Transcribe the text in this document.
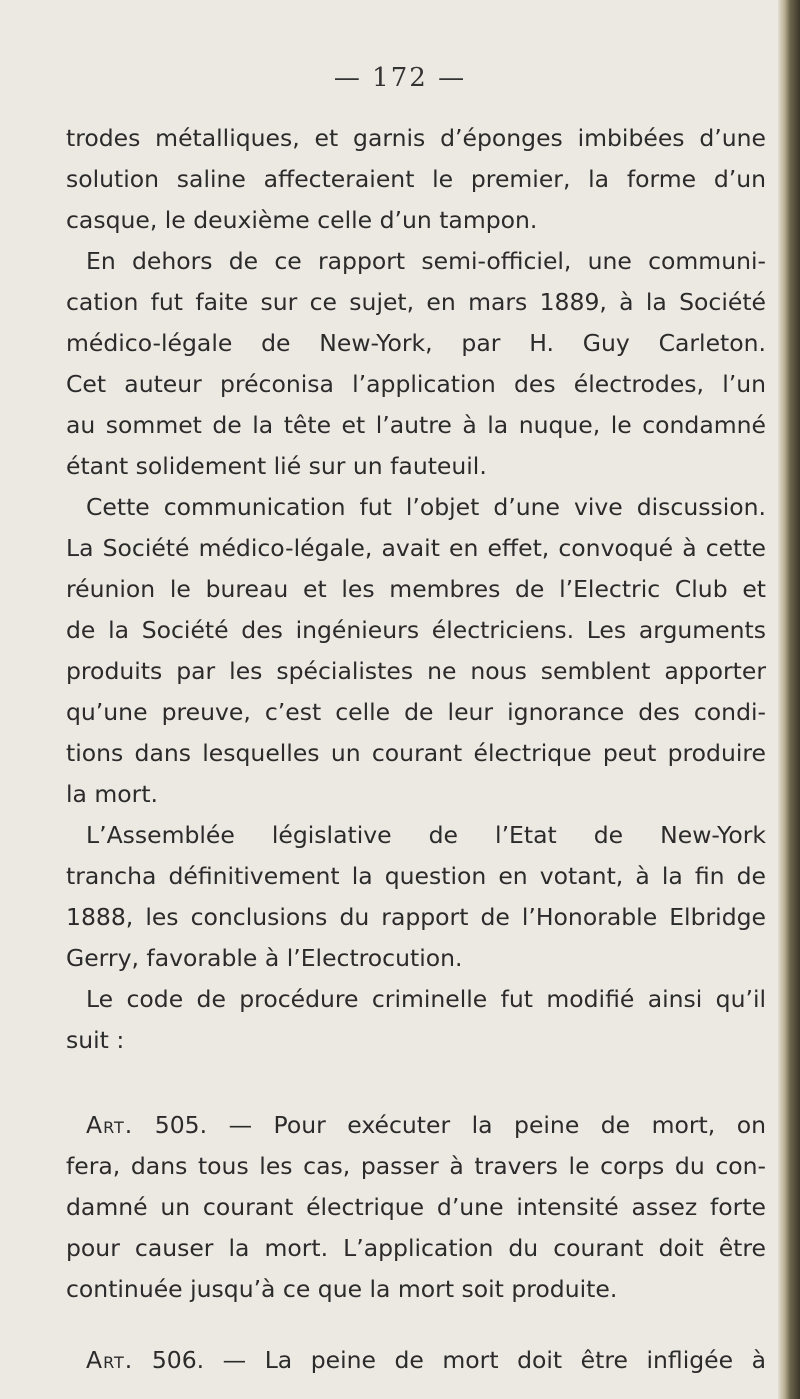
— 172 —
trodes métalliques, et garnis d’éponges imbibées d’une
solution saline affecteraient le premier, la forme d’un
casque, le deuxième celle d’un tampon.
En dehors de ce rapport semi-officiel, une communi-
cation fut faite sur ce sujet, en mars 1889, à la Société
médico-légale de New-York, par H. Guy Carleton.
Cet auteur préconisa l’application des électrodes, l’un
au sommet de la tête et l’autre à la nuque, le condamné
étant solidement lié sur un fauteuil.
Cette communication fut l’objet d’une vive discussion.
La Société médico-légale, avait en effet, convoqué à cette
réunion le bureau et les membres de l’Electric Club et
de la Société des ingénieurs électriciens. Les arguments
produits par les spécialistes ne nous semblent apporter
qu’une preuve, c’est celle de leur ignorance des condi-
tions dans lesquelles un courant électrique peut produire
la mort.
L’Assemblée législative de l’Etat de New-York
trancha définitivement la question en votant, à la fin de
1888, les conclusions du rapport de l’Honorable Elbridge
Gerry, favorable à l’Electrocution.
Le code de procédure criminelle fut modifié ainsi qu’il
suit :
Art. 505. — Pour exécuter la peine de mort, on
fera, dans tous les cas, passer à travers le corps du con-
damné un courant électrique d’une intensité assez forte
pour causer la mort. L’application du courant doit être
continuée jusqu’à ce que la mort soit produite.
Art. 506. — La peine de mort doit être infligée à
